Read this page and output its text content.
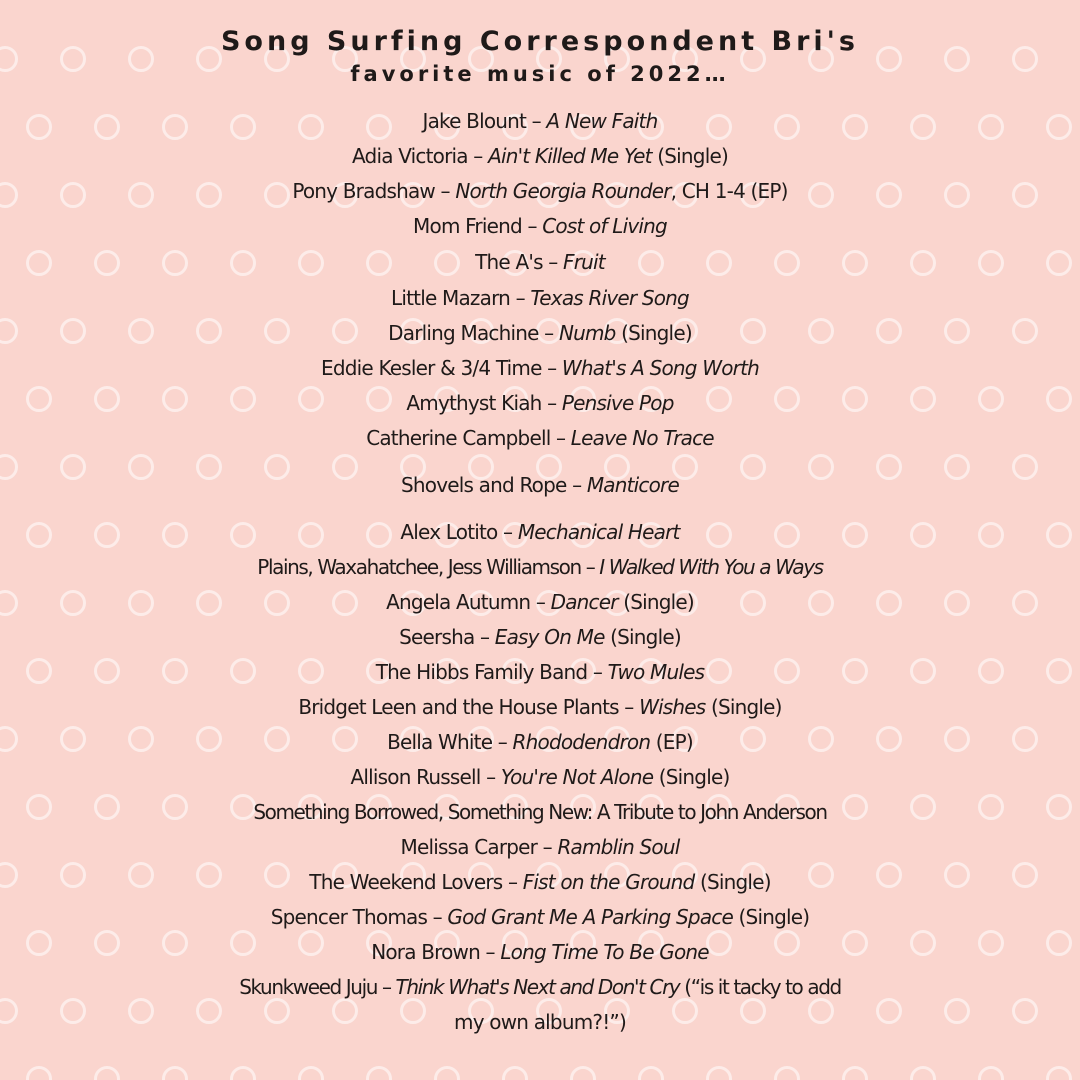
Song Surfing Correspondent Bri's
favorite music of 2022…
Jake Blount – A New Faith
Adia Victoria – Ain't Killed Me Yet (Single)
Pony Bradshaw – North Georgia Rounder, CH 1-4 (EP)
Mom Friend – Cost of Living
The A's – Fruit
Little Mazarn – Texas River Song
Darling Machine – Numb (Single)
Eddie Kesler & 3/4 Time – What's A Song Worth
Amythyst Kiah – Pensive Pop
Catherine Campbell – Leave No Trace
Shovels and Rope – Manticore
Alex Lotito – Mechanical Heart
Plains, Waxahatchee, Jess Williamson – I Walked With You a Ways
Angela Autumn – Dancer (Single)
Seersha – Easy On Me (Single)
The Hibbs Family Band – Two Mules
Bridget Leen and the House Plants – Wishes (Single)
Bella White – Rhododendron (EP)
Allison Russell – You're Not Alone (Single)
Something Borrowed, Something New: A Tribute to John Anderson
Melissa Carper – Ramblin Soul
The Weekend Lovers – Fist on the Ground (Single)
Spencer Thomas – God Grant Me A Parking Space (Single)
Nora Brown – Long Time To Be Gone
Skunkweed Juju – Think What's Next and Don't Cry (“is it tacky to add
my own album?!”)
